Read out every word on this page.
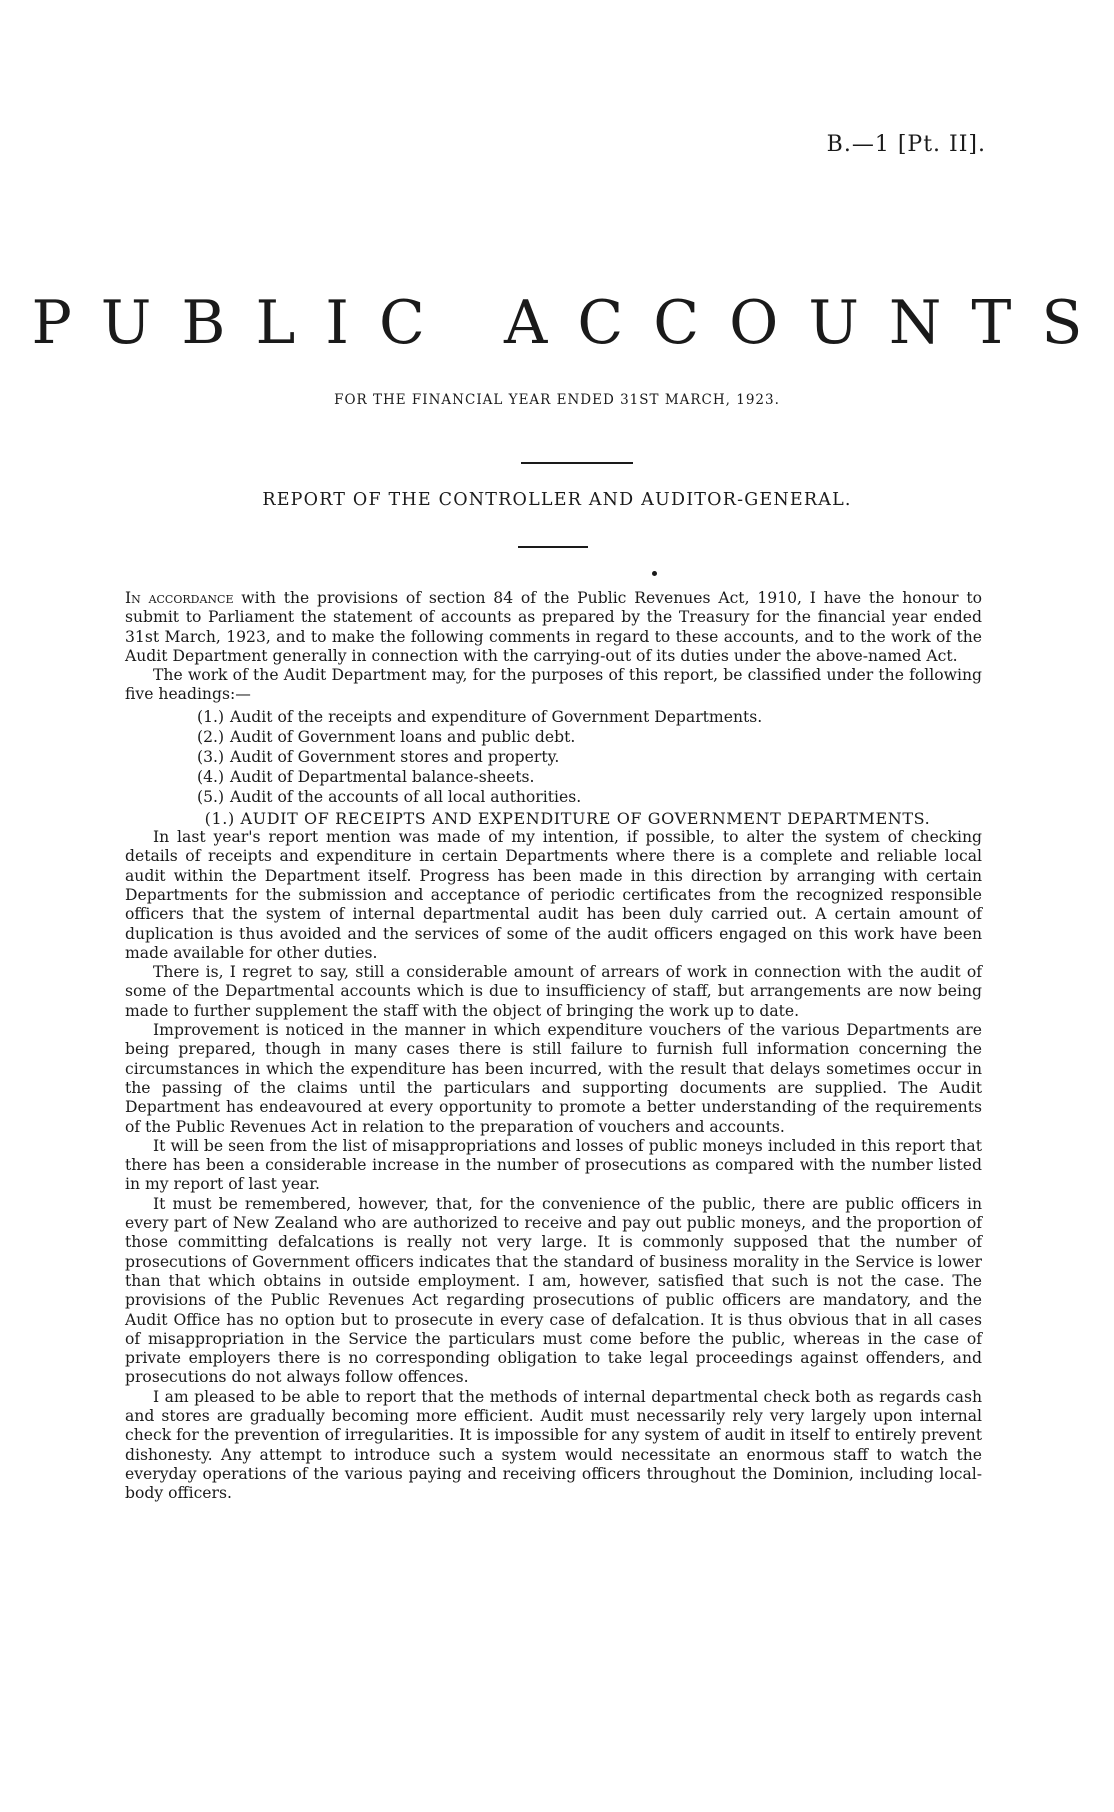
B.—1 [Pt. II].
PUBLIC ACCOUNTS
FOR THE FINANCIAL YEAR ENDED 31ST MARCH, 1923.
REPORT OF THE CONTROLLER AND AUDITOR-GENERAL.

In accordance with the provisions of section 84 of the Public Revenues Act, 1910, I have the honour to submit to Parliament the statement of accounts as prepared by the Treasury for the financial year ended 31st March, 1923, and to make the following comments in regard to these accounts, and to the work of the Audit Department generally in connection with the carrying-out of its duties under the above-named Act.

The work of the Audit Department may, for the purposes of this report, be classified under the following five headings:—

(1.) Audit of the receipts and expenditure of Government Departments.
(2.) Audit of Government loans and public debt.
(3.) Audit of Government stores and property.
(4.) Audit of Departmental balance-sheets.
(5.) Audit of the accounts of all local authorities.

(1.) AUDIT OF RECEIPTS AND EXPENDITURE OF GOVERNMENT DEPARTMENTS.

In last year's report mention was made of my intention, if possible, to alter the system of checking details of receipts and expenditure in certain Departments where there is a complete and reliable local audit within the Department itself. Progress has been made in this direction by arranging with certain Departments for the submission and acceptance of periodic certificates from the recognized responsible officers that the system of internal departmental audit has been duly carried out. A certain amount of duplication is thus avoided and the services of some of the audit officers engaged on this work have been made available for other duties.

There is, I regret to say, still a considerable amount of arrears of work in connection with the audit of some of the Departmental accounts which is due to insufficiency of staff, but arrangements are now being made to further supplement the staff with the object of bringing the work up to date.

Improvement is noticed in the manner in which expenditure vouchers of the various Departments are being prepared, though in many cases there is still failure to furnish full information concerning the circumstances in which the expenditure has been incurred, with the result that delays sometimes occur in the passing of the claims until the particulars and supporting documents are supplied. The Audit Department has endeavoured at every opportunity to promote a better understanding of the requirements of the Public Revenues Act in relation to the preparation of vouchers and accounts.

It will be seen from the list of misappropriations and losses of public moneys included in this report that there has been a considerable increase in the number of prosecutions as compared with the number listed in my report of last year.

It must be remembered, however, that, for the convenience of the public, there are public officers in every part of New Zealand who are authorized to receive and pay out public moneys, and the proportion of those committing defalcations is really not very large. It is commonly supposed that the number of prosecutions of Government officers indicates that the standard of business morality in the Service is lower than that which obtains in outside employment. I am, however, satisfied that such is not the case. The provisions of the Public Revenues Act regarding prosecutions of public officers are mandatory, and the Audit Office has no option but to prosecute in every case of defalcation. It is thus obvious that in all cases of misappropriation in the Service the particulars must come before the public, whereas in the case of private employers there is no corresponding obligation to take legal proceedings against offenders, and prosecutions do not always follow offences.

I am pleased to be able to report that the methods of internal departmental check both as regards cash and stores are gradually becoming more efficient. Audit must necessarily rely very largely upon internal check for the prevention of irregularities. It is impossible for any system of audit in itself to entirely prevent dishonesty. Any attempt to introduce such a system would necessitate an enormous staff to watch the everyday operations of the various paying and receiving officers throughout the Dominion, including local-body officers.
